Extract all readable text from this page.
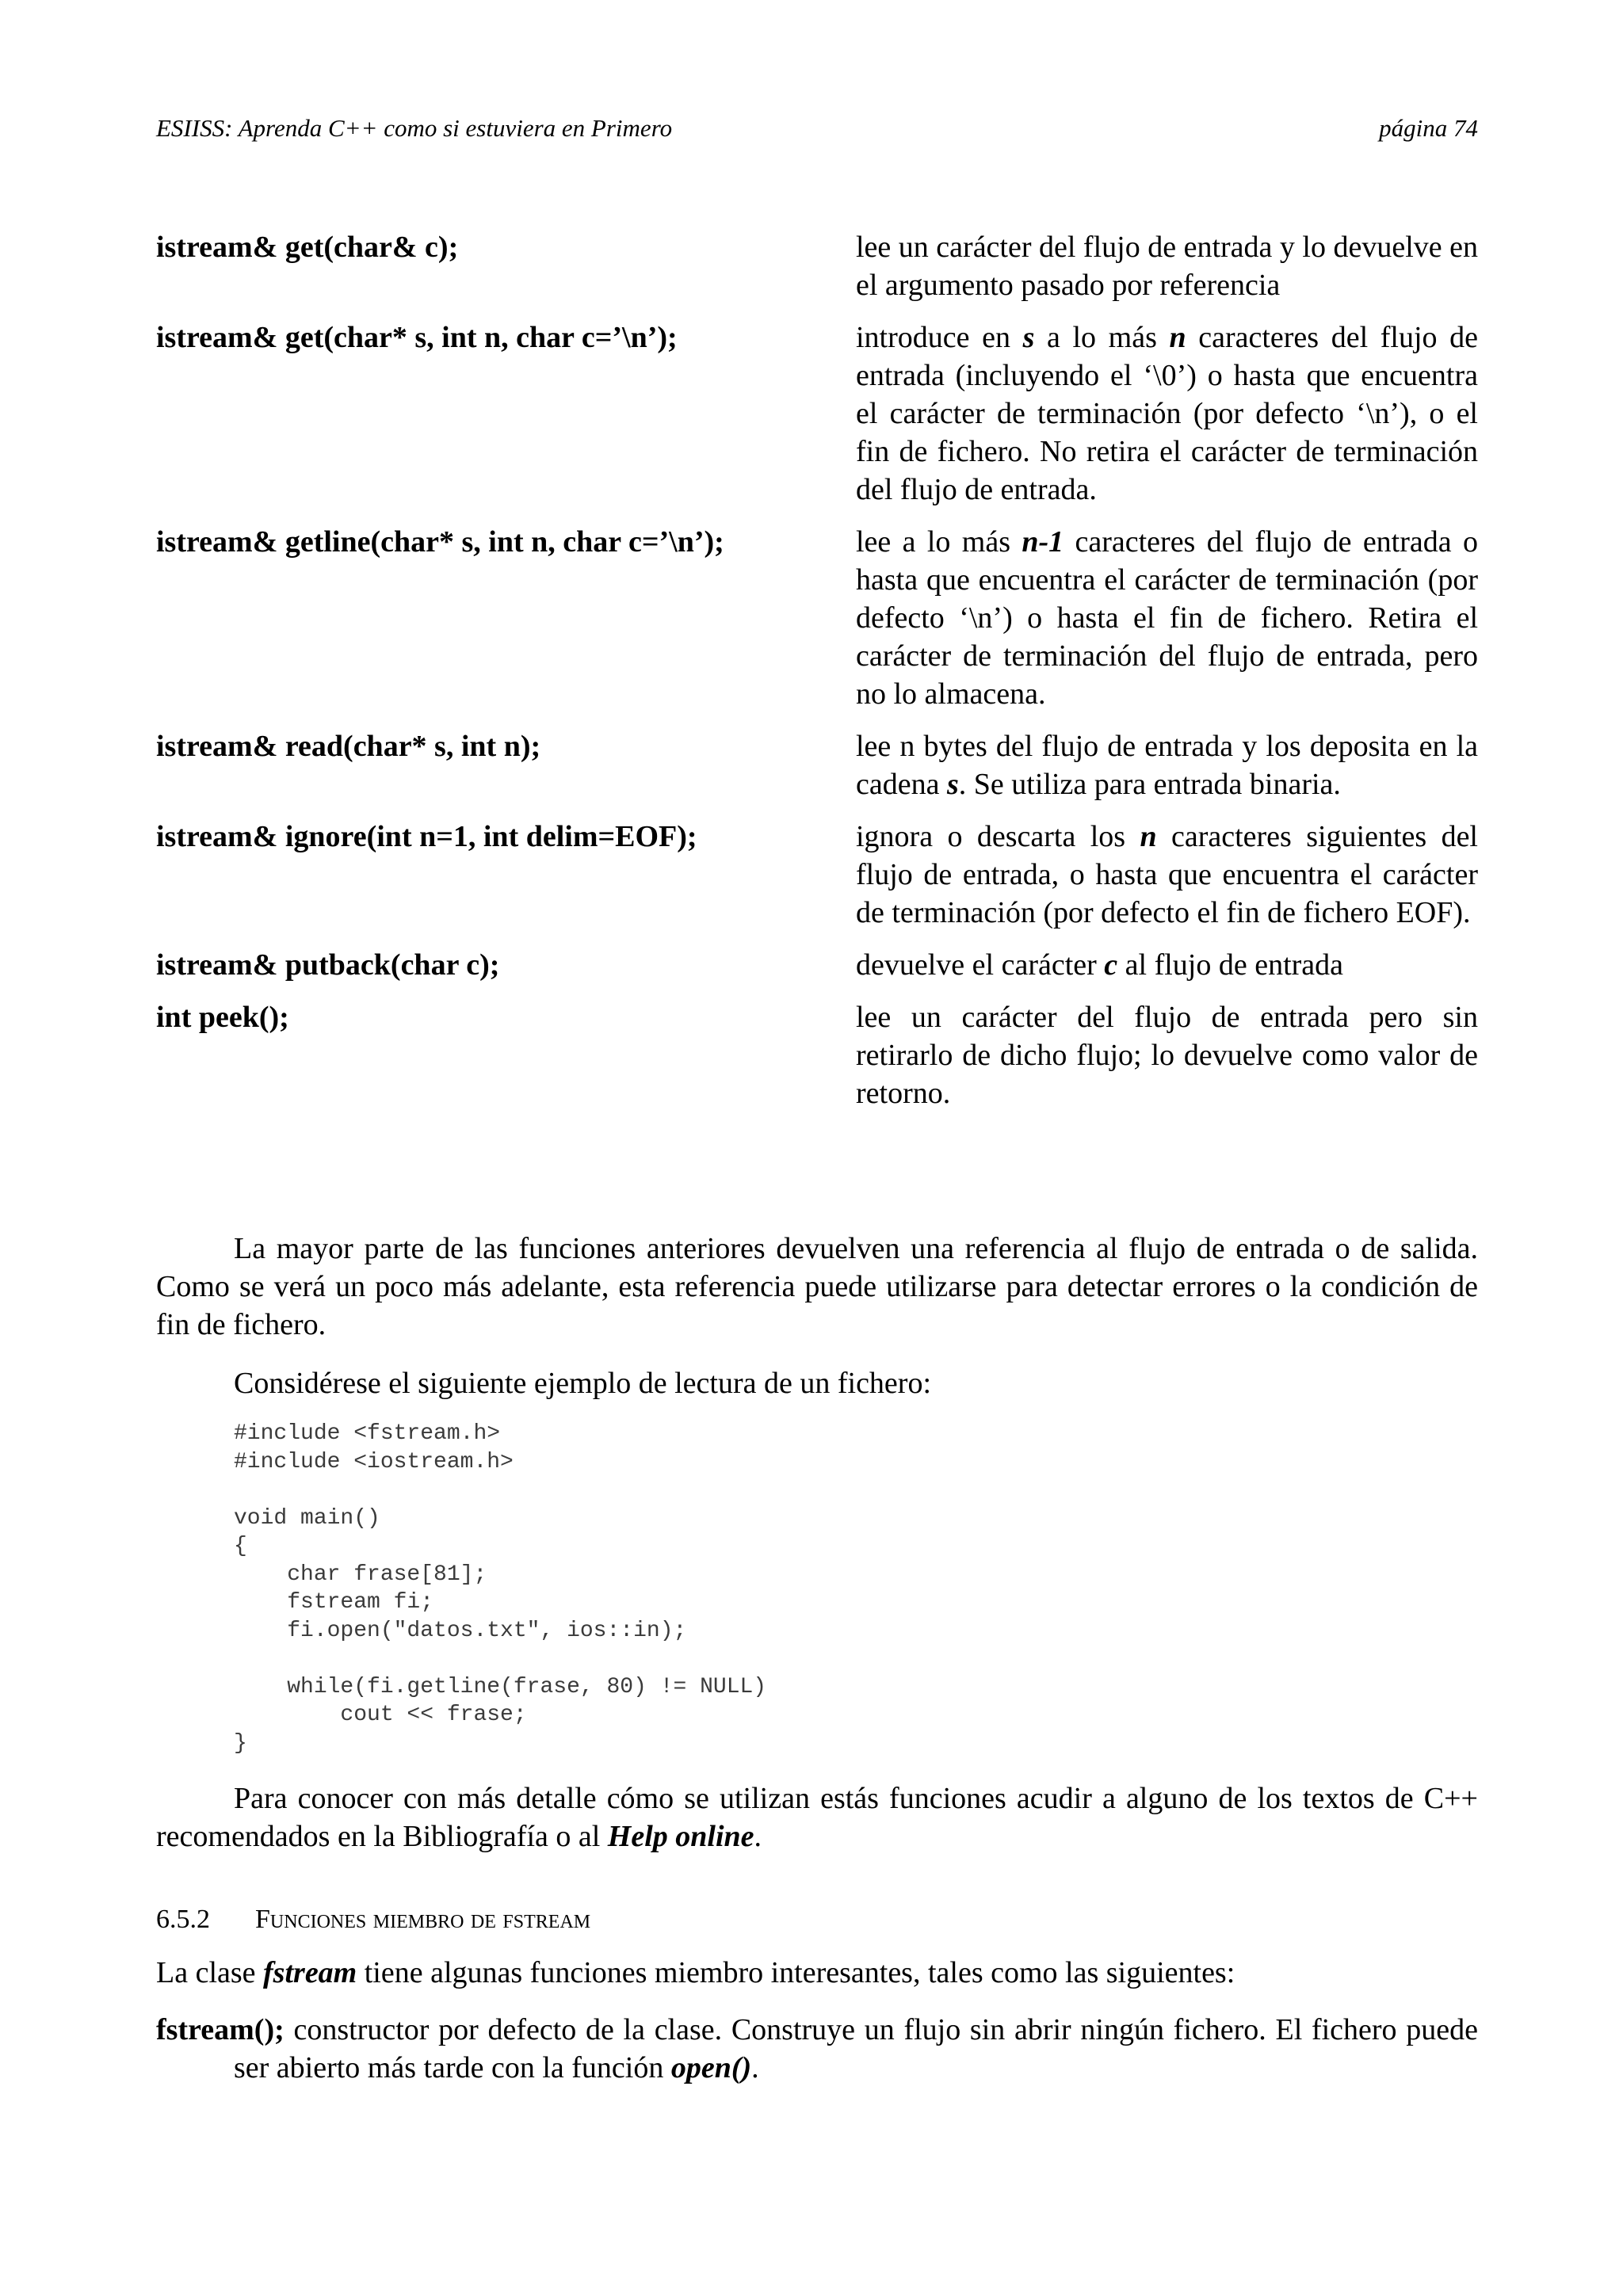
ESIISS: Aprenda C++ como si estuviera en Primero	página 74
istream& get(char& c);	lee un carácter del flujo de entrada y lo devuelve en el argumento pasado por referencia
istream& get(char* s, int n, char c=’\n’);	introduce en s a lo más n caracteres del flujo de entrada (incluyendo el ‘\0’) o hasta que encuentra el carácter de terminación (por defecto ‘\n’), o el fin de fichero. No retira el carácter de terminación del flujo de entrada.
istream& getline(char* s, int n, char c=’\n’);	lee a lo más n-1 caracteres del flujo de entrada o hasta que encuentra el carácter de terminación (por defecto ‘\n’) o hasta el fin de fichero. Retira el carácter de terminación del flujo de entrada, pero no lo almacena.
istream& read(char* s, int n);	lee n bytes del flujo de entrada y los deposita en la cadena s. Se utiliza para entrada binaria.
istream& ignore(int n=1, int delim=EOF);	ignora o descarta los n caracteres siguientes del flujo de entrada, o hasta que encuentra el carácter de terminación (por defecto el fin de fichero EOF).
istream& putback(char c);	devuelve el carácter c al flujo de entrada
int peek();	lee un carácter del flujo de entrada pero sin retirarlo de dicho flujo; lo devuelve como valor de retorno.
La mayor parte de las funciones anteriores devuelven una referencia al flujo de entrada o de salida. Como se verá un poco más adelante, esta referencia puede utilizarse para detectar errores o la condición de fin de fichero.
Considérese el siguiente ejemplo de lectura de un fichero:
#include <fstream.h>
#include <iostream.h>

void main()
{
char frase[81];
fstream fi;
fi.open("datos.txt", ios::in);

while(fi.getline(frase, 80) != NULL)
cout << frase;
}
Para conocer con más detalle cómo se utilizan estás funciones acudir a alguno de los textos de C++ recomendados en la Bibliografía o al Help online.
6.5.2 Funciones miembro de fstream
La clase fstream tiene algunas funciones miembro interesantes, tales como las siguientes:
fstream(); constructor por defecto de la clase. Construye un flujo sin abrir ningún fichero. El fichero puede ser abierto más tarde con la función open().
